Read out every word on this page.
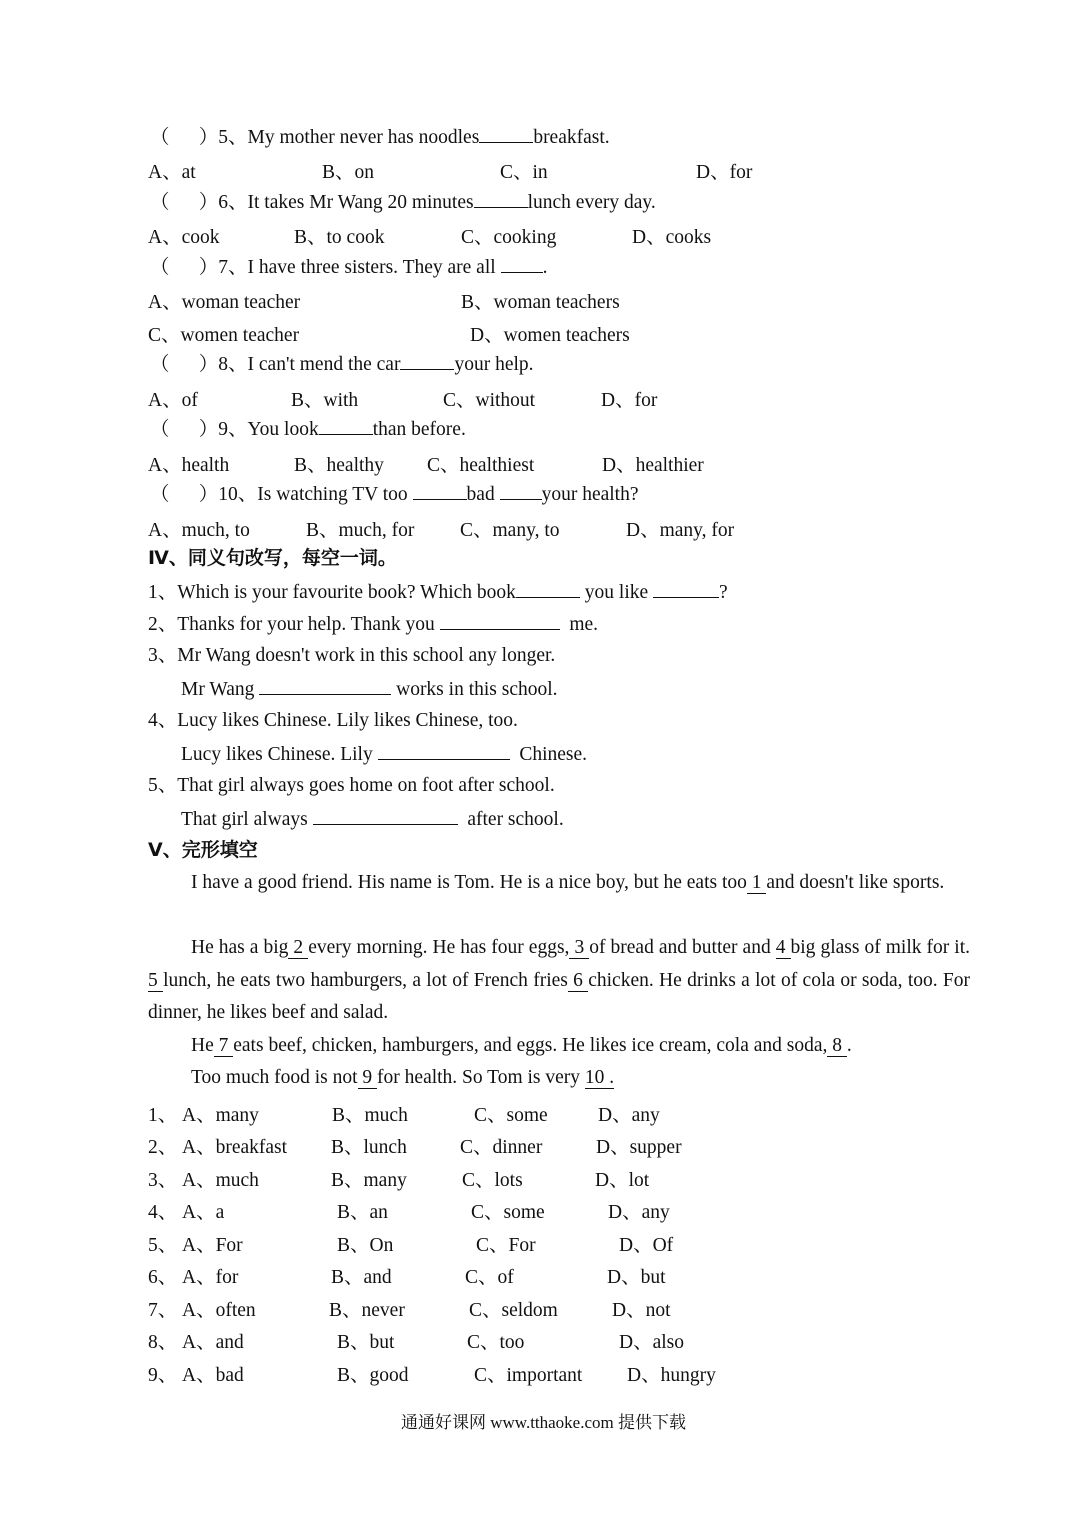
（      ）5、My mother never has noodles	breakfast.
A、at	B、on	C、in	D、for
（      ）6、It takes Mr Wang 20 minutes	lunch every day.
A、cook	B、to cook	C、cooking	D、cooks
（      ）7、I have three sisters. They are all .
A、woman teacher	B、woman teachers
C、women teacher	D、women teachers
（      ）8、I can't mend the car	your help.
A、of	B、with	C、without	D、for
（      ）9、You look	than before.
A、health	B、healthy C、healthiest	D、healthier
（      ）10、Is watching TV too	bad your health?
A、much, to	B、much, for C、many, to	D、many, for
Ⅳ、同义句改写，每空一词。
1、Which is your favourite book? Which book	you like	?
2、Thanks for your help. Thank you	me.
3、Mr Wang doesn't work in this school any longer.
Mr Wang	works in this school.
4、Lucy likes Chinese. Lily likes Chinese, too.
Lucy likes Chinese. Lily	Chinese.
5、That girl always goes home on foot after school.
That girl always	after school.
Ⅴ、完形填空
I have a good friend. His name is Tom. He is a nice boy, but he eats too 1 and doesn't like sports.
He has a big 2 every morning. He has four eggs, 3 of bread and butter and 4 big glass of milk for it. 5 lunch, he eats two hamburgers, a lot of French fries 6 chicken. He drinks a lot of cola or soda, too. For dinner, he likes beef and salad.
He 7 eats beef, chicken, hamburgers, and eggs. He likes ice cream, cola and soda, 8 .
Too much food is not 9 for health. So Tom is very 10 .
1、 A、many	B、much	C、some	D、any
2、 A、breakfast B、lunch	C、dinner	D、supper
3、 A、much	B、many	C、lots	D、lot
4、 A、a	B、an	C、some	D、any
5、 A、For	B、On	C、For	D、Of
6、 A、for	B、and	C、of	D、but
7、 A、often	B、never	C、seldom	D、not
8、 A、and	B、but	C、too	D、also
9、 A、bad	B、good	C、important D、hungry
通通好课网 www.tthaoke.com 提供下载
